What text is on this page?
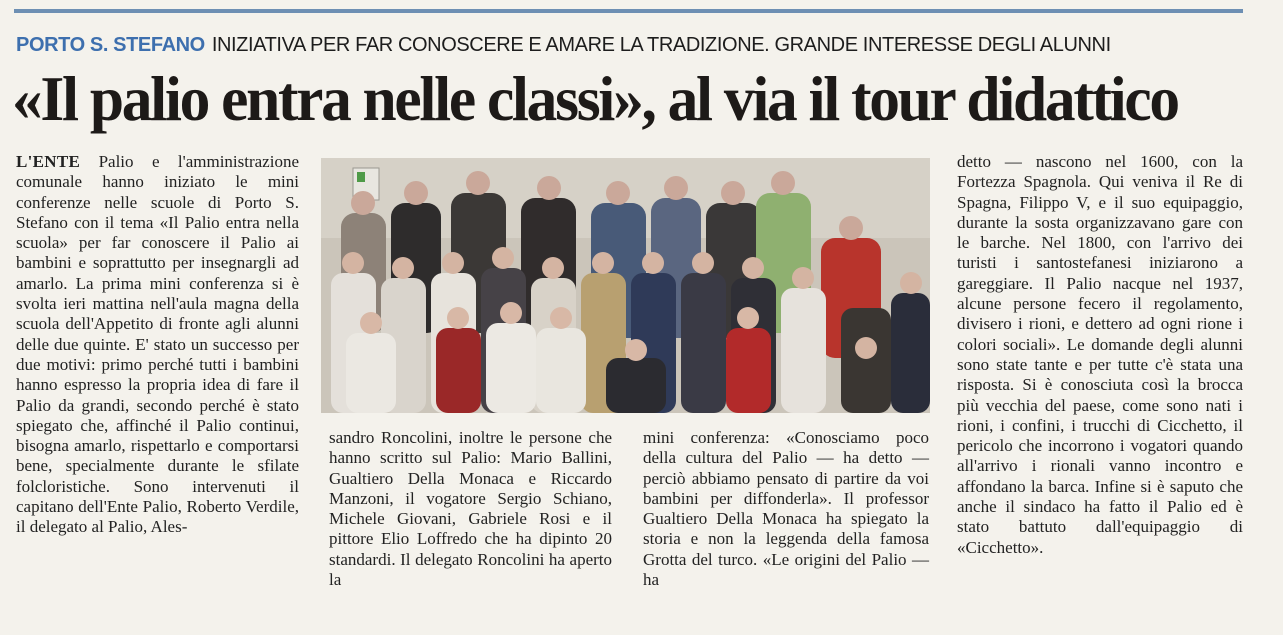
PORTO S. STEFANO INIZIATIVA PER FAR CONOSCERE E AMARE LA TRADIZIONE. GRANDE INTERESSE DEGLI ALUNNI
«Il palio entra nelle classi», al via il tour didattico
L'ENTE Palio e l'amministrazione comunale hanno iniziato le mini conferenze nelle scuole di Porto S. Stefano con il tema «Il Palio entra nella scuola» per far conoscere il Palio ai bambini e soprattutto per insegnargli ad amarlo. La prima mini conferenza si è svolta ieri mattina nell'aula magna della scuola dell'Appetito di fronte agli alunni delle due quinte. E' stato un successo per due motivi: primo perché tutti i bambini hanno espresso la propria idea di fare il Palio da grandi, secondo perché è stato spiegato che, affinché il Palio continui, bisogna amarlo, rispettarlo e comportarsi bene, specialmente durante le sfilate folcloristiche. Sono intervenuti il capitano dell'Ente Palio, Roberto Verdile, il delegato al Palio, Ales-
sandro Roncolini, inoltre le persone che hanno scritto sul Palio: Mario Ballini, Gualtiero Della Monaca e Riccardo Manzoni, il vogatore Sergio Schiano, Michele Giovani, Gabriele Rosi e il pittore Elio Loffredo che ha dipinto 20 standardi. Il delegato Roncolini ha aperto la
mini conferenza: «Conosciamo poco della cultura del Palio — ha detto — perciò abbiamo pensato di partire da voi bambini per diffonderla». Il professor Gualtiero Della Monaca ha spiegato la storia e non la leggenda della famosa Grotta del turco. «Le origini del Palio — ha
detto — nascono nel 1600, con la Fortezza Spagnola. Qui veniva il Re di Spagna, Filippo V, e il suo equipaggio, durante la sosta organizzavano gare con le barche. Nel 1800, con l'arrivo dei turisti i santostefanesi iniziarono a gareggiare. Il Palio nacque nel 1937, alcune persone fecero il regolamento, divisero i rioni, e dettero ad ogni rione i colori sociali». Le domande degli alunni sono state tante e per tutte c'è stata una risposta. Si è conosciuta così la brocca più vecchia del paese, come sono nati i rioni, i confini, i trucchi di Cicchetto, il pericolo che incorrono i vogatori quando all'arrivo i rionali vanno incontro e affondano la barca. Infine si è saputo che anche il sindaco ha fatto il Palio ed è stato battuto dall'equipaggio di «Cicchetto».
